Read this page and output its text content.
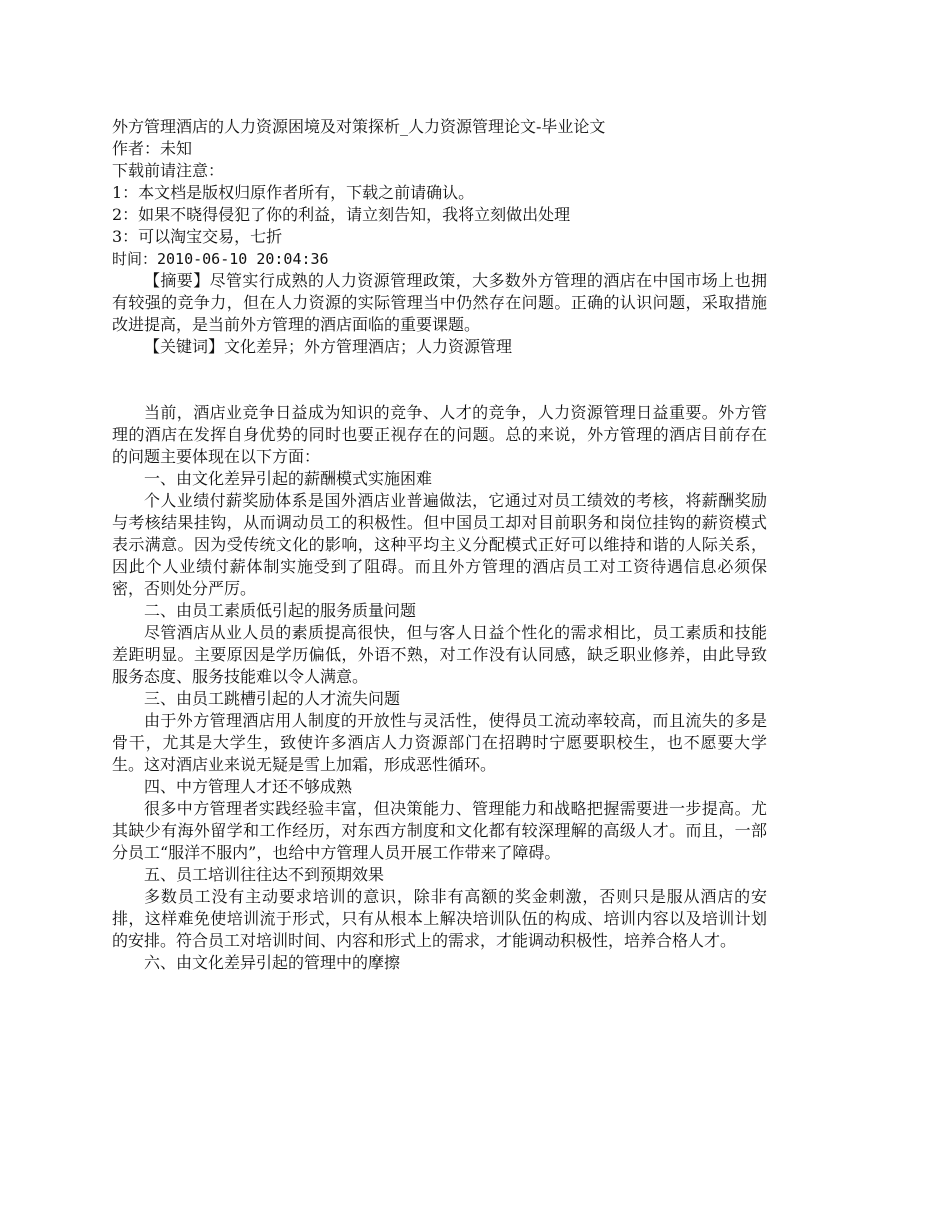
外方管理酒店的人力资源困境及对策探析_人力资源管理论文-毕业论文
作者：未知
下载前请注意：
1：本文档是版权归原作者所有，下载之前请确认。
2：如果不晓得侵犯了你的利益，请立刻告知，我将立刻做出处理
3：可以淘宝交易，七折
时间：2010-06-10 20:04:36

【摘要】尽管实行成熟的人力资源管理政策，大多数外方管理的酒店在中国市场上也拥有较强的竞争力，但在人力资源的实际管理当中仍然存在问题。正确的认识问题，采取措施改进提高，是当前外方管理的酒店面临的重要课题。

【关键词】文化差异；外方管理酒店；人力资源管理

当前，酒店业竞争日益成为知识的竞争、人才的竞争，人力资源管理日益重要。外方管理的酒店在发挥自身优势的同时也要正视存在的问题。总的来说，外方管理的酒店目前存在的问题主要体现在以下方面：

一、由文化差异引起的薪酬模式实施困难

个人业绩付薪奖励体系是国外酒店业普遍做法，它通过对员工绩效的考核，将薪酬奖励与考核结果挂钩，从而调动员工的积极性。但中国员工却对目前职务和岗位挂钩的薪资模式表示满意。因为受传统文化的影响，这种平均主义分配模式正好可以维持和谐的人际关系，因此个人业绩付薪体制实施受到了阻碍。而且外方管理的酒店员工对工资待遇信息必须保密，否则处分严厉。

二、由员工素质低引起的服务质量问题

尽管酒店从业人员的素质提高很快，但与客人日益个性化的需求相比，员工素质和技能差距明显。主要原因是学历偏低，外语不熟，对工作没有认同感，缺乏职业修养，由此导致服务态度、服务技能难以令人满意。

三、由员工跳槽引起的人才流失问题

由于外方管理酒店用人制度的开放性与灵活性，使得员工流动率较高，而且流失的多是骨干，尤其是大学生，致使许多酒店人力资源部门在招聘时宁愿要职校生，也不愿要大学生。这对酒店业来说无疑是雪上加霜，形成恶性循环。

四、中方管理人才还不够成熟

很多中方管理者实践经验丰富，但决策能力、管理能力和战略把握需要进一步提高。尤其缺少有海外留学和工作经历，对东西方制度和文化都有较深理解的高级人才。而且，一部分员工“服洋不服内”，也给中方管理人员开展工作带来了障碍。

五、员工培训往往达不到预期效果

多数员工没有主动要求培训的意识，除非有高额的奖金刺激，否则只是服从酒店的安排，这样难免使培训流于形式，只有从根本上解决培训队伍的构成、培训内容以及培训计划的安排。符合员工对培训时间、内容和形式上的需求，才能调动积极性，培养合格人才。

六、由文化差异引起的管理中的摩擦
